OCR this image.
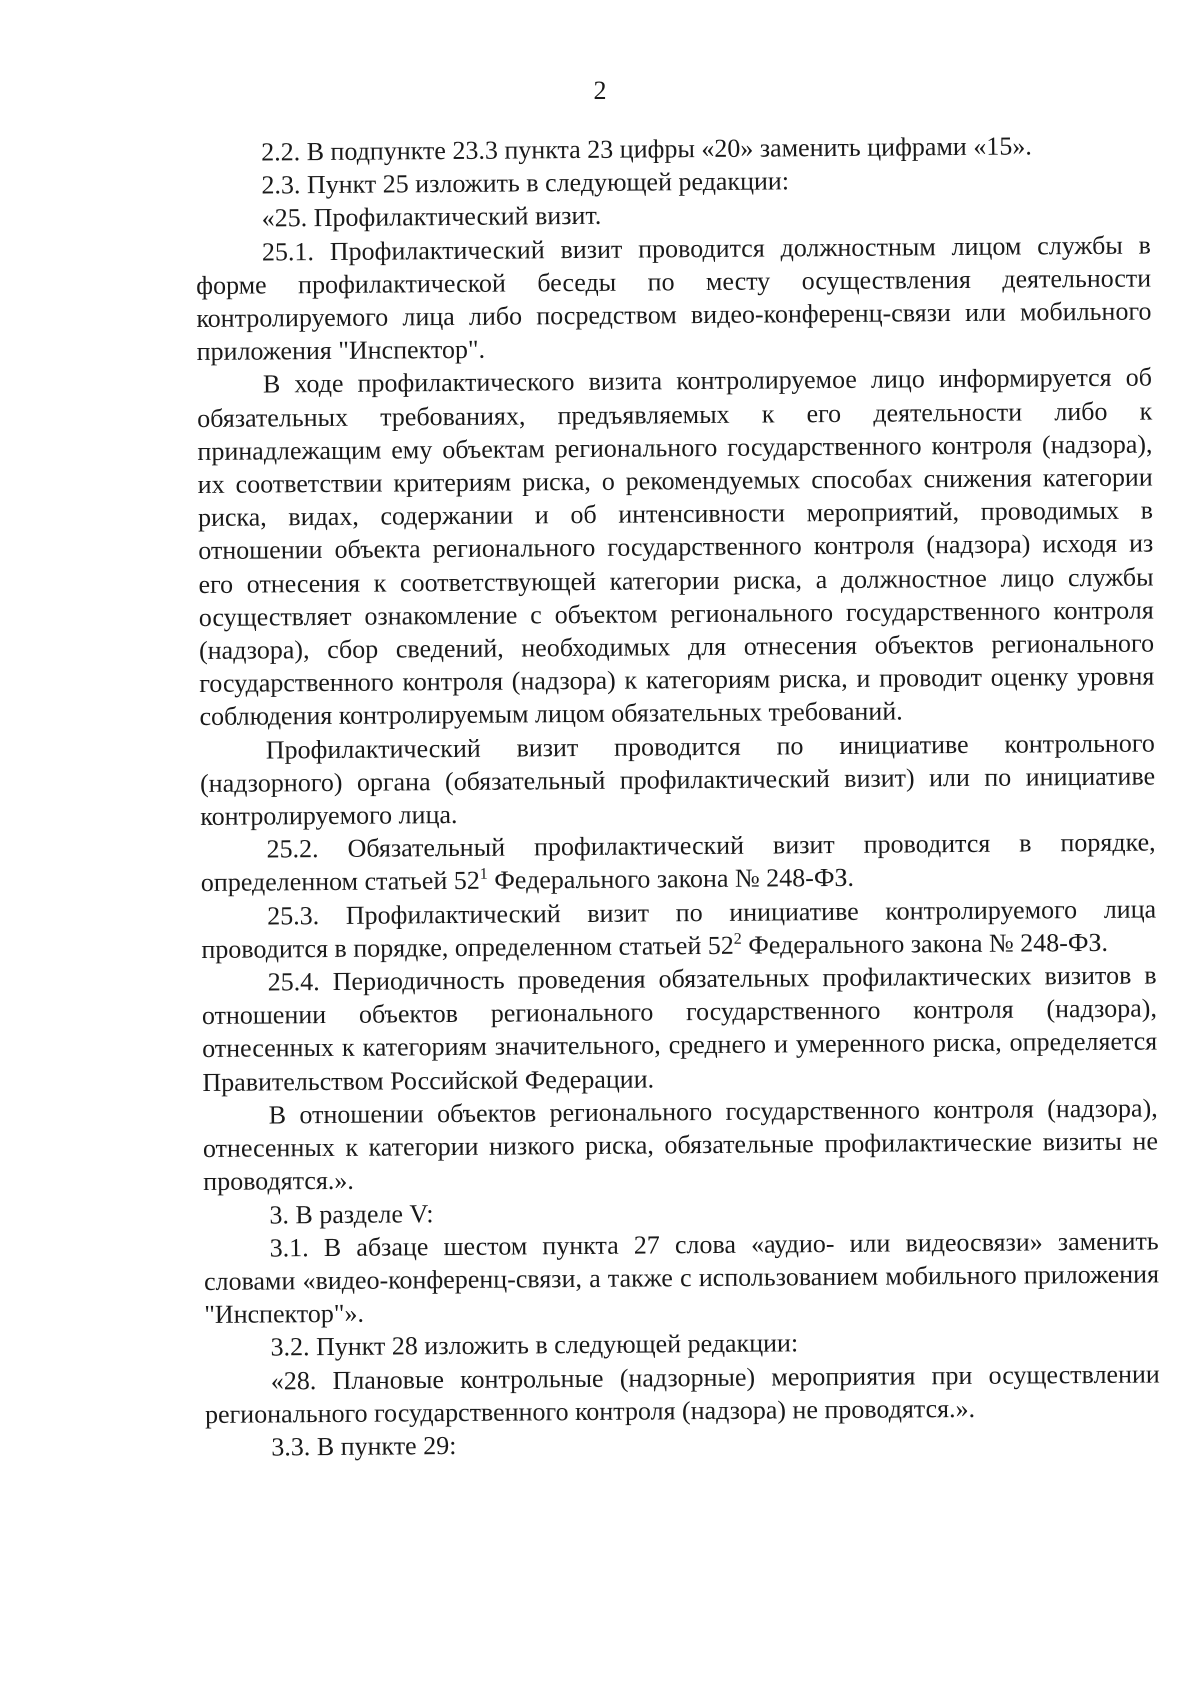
2

2.2. В подпункте 23.3 пункта 23 цифры «20» заменить цифрами «15».

2.3. Пункт 25 изложить в следующей редакции:

«25. Профилактический визит.

25.1. Профилактический визит проводится должностным лицом службы в форме профилактической беседы по месту осуществления деятельности контролируемого лица либо посредством видео-конференц-связи или мобильного приложения "Инспектор".

В ходе профилактического визита контролируемое лицо информируется об обязательных требованиях, предъявляемых к его деятельности либо к принадлежащим ему объектам регионального государственного контроля (надзора), их соответствии критериям риска, о рекомендуемых способах снижения категории риска, видах, содержании и об интенсивности мероприятий, проводимых в отношении объекта регионального государственного контроля (надзора) исходя из его отнесения к соответствующей категории риска, а должностное лицо службы осуществляет ознакомление с объектом регионального государственного контроля (надзора), сбор сведений, необходимых для отнесения объектов регионального государственного контроля (надзора) к категориям риска, и проводит оценку уровня соблюдения контролируемым лицом обязательных требований.

Профилактический визит проводится по инициативе контрольного (надзорного) органа (обязательный профилактический визит) или по инициативе контролируемого лица.

25.2. Обязательный профилактический визит проводится в порядке, определенном статьей $52^1$ Федерального закона № 248-ФЗ.

25.3. Профилактический визит по инициативе контролируемого лица проводится в порядке, определенном статьей $52^2$ Федерального закона № 248-ФЗ.

25.4. Периодичность проведения обязательных профилактических визитов в отношении объектов регионального государственного контроля (надзора), отнесенных к категориям значительного, среднего и умеренного риска, определяется Правительством Российской Федерации.

В отношении объектов регионального государственного контроля (надзора), отнесенных к категории низкого риска, обязательные профилактические визиты не проводятся.».

3. В разделе V:

3.1. В абзаце шестом пункта 27 слова «аудио- или видеосвязи» заменить словами «видео-конференц-связи, а также с использованием мобильного приложения "Инспектор"».

3.2. Пункт 28 изложить в следующей редакции:

«28. Плановые контрольные (надзорные) мероприятия при осуществлении регионального государственного контроля (надзора) не проводятся.».

3.3. В пункте 29:
